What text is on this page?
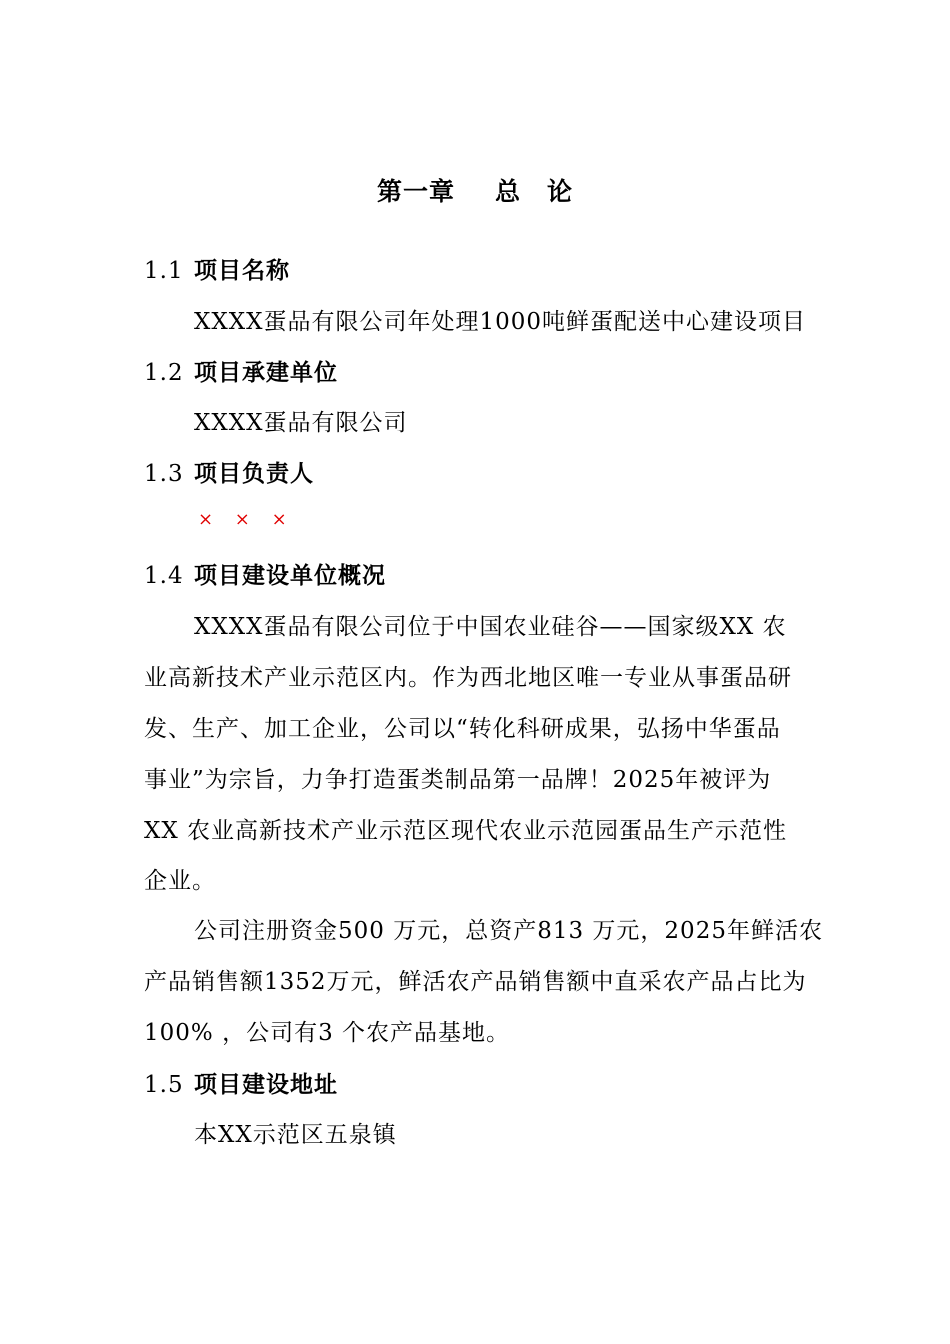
第一章 总　论
1.1 项目名称
XXXX蛋品有限公司年处理1000吨鲜蛋配送中心建设项目
1.2 项目承建单位
XXXX蛋品有限公司
1.3 项目负责人
× × ×
1.4 项目建设单位概况
XXXX蛋品有限公司位于中国农业硅谷——国家级XX 农
业高新技术产业示范区内。作为西北地区唯一专业从事蛋品研
发、生产、加工企业，公司以“转化科研成果，弘扬中华蛋品
事业”为宗旨，力争打造蛋类制品第一品牌！2025年被评为
XX 农业高新技术产业示范区现代农业示范园蛋品生产示范性
企业。
公司注册资金500 万元，总资产813 万元，2025年鲜活农
产品销售额1352万元，鲜活农产品销售额中直采农产品占比为
100% ，公司有3 个农产品基地。
1.5 项目建设地址
本XX示范区五泉镇
